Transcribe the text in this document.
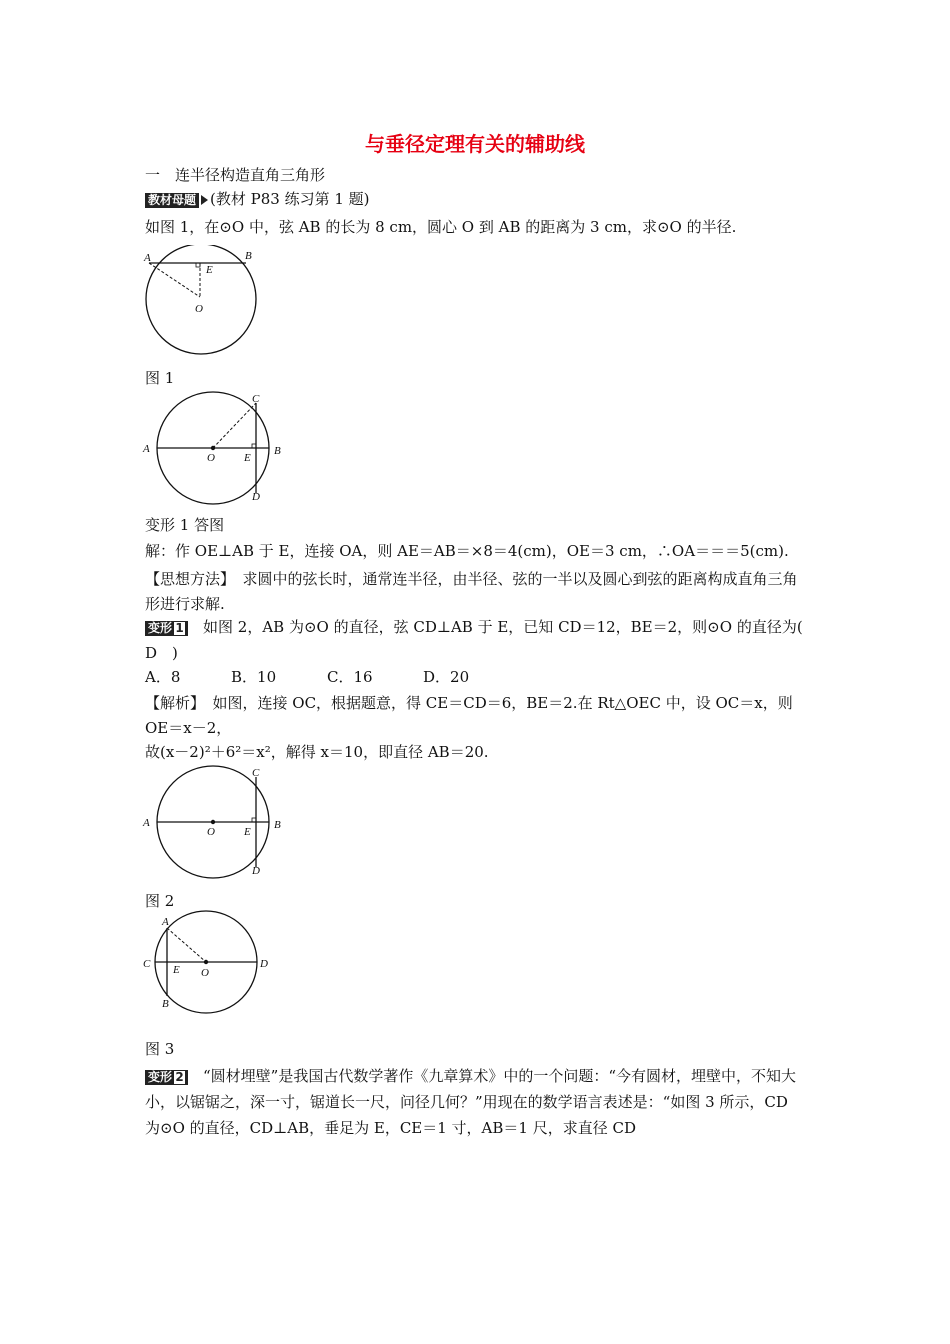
与垂径定理有关的辅助线
一　连半径构造直角三角形
教材母题 (教材 P83 练习第 1 题)
如图 1，在⊙O 中，弦 AB 的长为 8 cm，圆心 O 到 AB 的距离为 3 cm，求⊙O 的半径.
A	B
E
O
图 1
A	B
C
D
O	E
变形 1 答图
解：作 OE⊥AB 于 E，连接 OA，则 AE＝AB＝×8＝4(cm)，OE＝3 cm，∴OA＝＝＝5(cm).
【思想方法】　求圆中的弦长时，通常连半径，由半径、弦的一半以及圆心到弦的距离构成直角三角形进行求解.
变形 1　如图 2，AB 为⊙O 的直径，弦 CD⊥AB 于 E，已知 CD＝12，BE＝2，则⊙O 的直径为(　D　)
A．8	B．10	C．16	D．20
【解析】　如图，连接 OC，根据题意，得 CE＝CD＝6，BE＝2.在 Rt△OEC 中，设 OC＝x，则 OE＝x－2，
故(x－2)²＋6²＝x²，解得 x＝10，即直径 AB＝20.
A	B
C
D
O	E
图 2
A
B
C	D
O
E
图 3
变形 2　“圆材埋壁”是我国古代数学著作《九章算术》中的一个问题：“今有圆材，埋壁中，不知大小，以锯锯之，深一寸，锯道长一尺，问径几何？”用现在的数学语言表述是：“如图 3 所示，CD 为⊙O 的直径，CD⊥AB，垂足为 E，CE＝1 寸，AB＝1 尺，求直径 CD
